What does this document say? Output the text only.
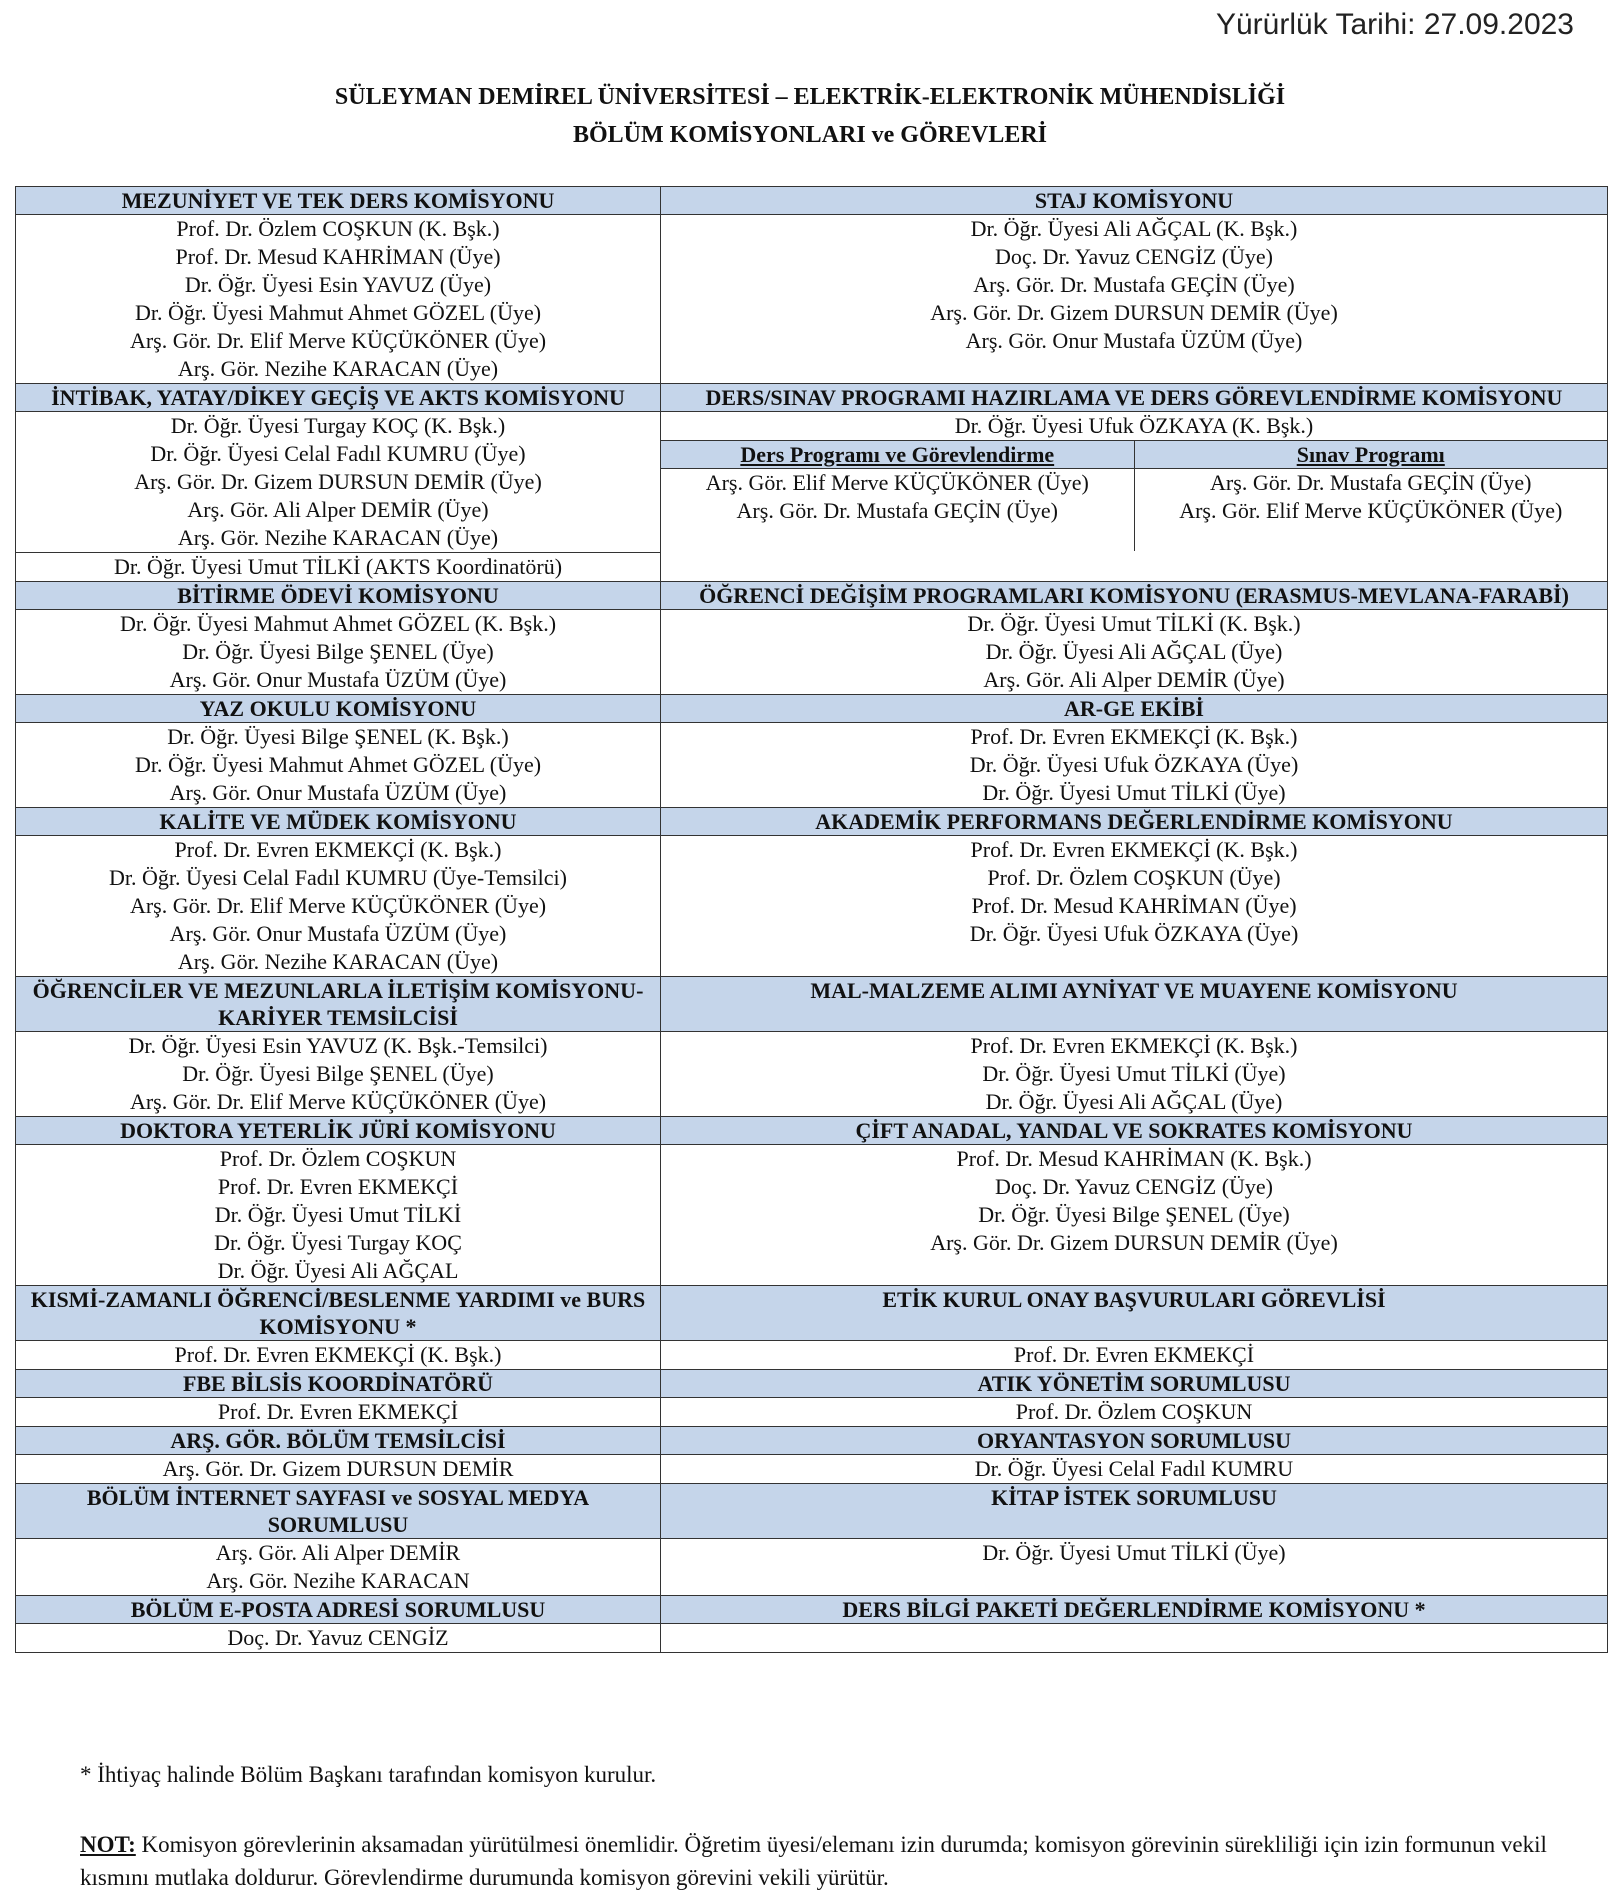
Yürürlük Tarihi: 27.09.2023
SÜLEYMAN DEMİREL ÜNİVERSİTESİ – ELEKTRİK-ELEKTRONİK MÜHENDİSLİĞİ
BÖLÜM KOMİSYONLARI ve GÖREVLERİ
MEZUNİYET VE TEK DERS KOMİSYONU	STAJ KOMİSYONU

Prof. Dr. Özlem COŞKUN (K. Bşk.)
Prof. Dr. Mesud KAHRİMAN (Üye)
Dr. Öğr. Üyesi Esin YAVUZ (Üye)
Dr. Öğr. Üyesi Mahmut Ahmet GÖZEL (Üye)
Arş. Gör. Dr. Elif Merve KÜÇÜKÖNER (Üye)
Arş. Gör. Nezihe KARACAN (Üye)

Dr. Öğr. Üyesi Ali AĞÇAL (K. Bşk.)
Doç. Dr. Yavuz CENGİZ (Üye)
Arş. Gör. Dr. Mustafa GEÇİN (Üye)
Arş. Gör. Dr. Gizem DURSUN DEMİR (Üye)
Arş. Gör. Onur Mustafa ÜZÜM (Üye)

İNTİBAK, YATAY/DİKEY GEÇİŞ VE AKTS KOMİSYONU	DERS/SINAV PROGRAMI HAZIRLAMA VE DERS GÖREVLENDİRME KOMİSYONU

Dr. Öğr. Üyesi Turgay KOÇ (K. Bşk.)
Dr. Öğr. Üyesi Celal Fadıl KUMRU (Üye)
Arş. Gör. Dr. Gizem DURSUN DEMİR (Üye)
Arş. Gör. Ali Alper DEMİR (Üye)
Arş. Gör. Nezihe KARACAN (Üye)
Dr. Öğr. Üyesi Umut TİLKİ (AKTS Koordinatörü)

Dr. Öğr. Üyesi Ufuk ÖZKAYA (K. Bşk.)
Ders Programı ve Görevlendirme	Sınav Programı

Arş. Gör. Elif Merve KÜÇÜKÖNER (Üye)
Arş. Gör. Dr. Mustafa GEÇİN (Üye)

Arş. Gör. Dr. Mustafa GEÇİN (Üye)
Arş. Gör. Elif Merve KÜÇÜKÖNER (Üye)

BİTİRME ÖDEVİ KOMİSYONU	ÖĞRENCİ DEĞİŞİM PROGRAMLARI KOMİSYONU (ERASMUS-MEVLANA-FARABİ)

Dr. Öğr. Üyesi Mahmut Ahmet GÖZEL (K. Bşk.)
Dr. Öğr. Üyesi Bilge ŞENEL (Üye)
Arş. Gör. Onur Mustafa ÜZÜM (Üye)

Dr. Öğr. Üyesi Umut TİLKİ (K. Bşk.)
Dr. Öğr. Üyesi Ali AĞÇAL (Üye)
Arş. Gör. Ali Alper DEMİR (Üye)

YAZ OKULU KOMİSYONU	AR-GE EKİBİ

Dr. Öğr. Üyesi Bilge ŞENEL (K. Bşk.)
Dr. Öğr. Üyesi Mahmut Ahmet GÖZEL (Üye)
Arş. Gör. Onur Mustafa ÜZÜM (Üye)

Prof. Dr. Evren EKMEKÇİ (K. Bşk.)
Dr. Öğr. Üyesi Ufuk ÖZKAYA (Üye)
Dr. Öğr. Üyesi Umut TİLKİ (Üye)

KALİTE VE MÜDEK KOMİSYONU	AKADEMİK PERFORMANS DEĞERLENDİRME KOMİSYONU

Prof. Dr. Evren EKMEKÇİ (K. Bşk.)
Dr. Öğr. Üyesi Celal Fadıl KUMRU (Üye-Temsilci)
Arş. Gör. Dr. Elif Merve KÜÇÜKÖNER (Üye)
Arş. Gör. Onur Mustafa ÜZÜM (Üye)
Arş. Gör. Nezihe KARACAN (Üye)

Prof. Dr. Evren EKMEKÇİ (K. Bşk.)
Prof. Dr. Özlem COŞKUN (Üye)
Prof. Dr. Mesud KAHRİMAN (Üye)
Dr. Öğr. Üyesi Ufuk ÖZKAYA (Üye)

ÖĞRENCİLER VE MEZUNLARLA İLETİŞİM KOMİSYONU-KARİYER TEMSİLCİSİ	MAL-MALZEME ALIMI AYNİYAT VE MUAYENE KOMİSYONU

Dr. Öğr. Üyesi Esin YAVUZ (K. Bşk.-Temsilci)
Dr. Öğr. Üyesi Bilge ŞENEL (Üye)
Arş. Gör. Dr. Elif Merve KÜÇÜKÖNER (Üye)

Prof. Dr. Evren EKMEKÇİ (K. Bşk.)
Dr. Öğr. Üyesi Umut TİLKİ (Üye)
Dr. Öğr. Üyesi Ali AĞÇAL (Üye)

DOKTORA YETERLİK JÜRİ KOMİSYONU	ÇİFT ANADAL, YANDAL VE SOKRATES KOMİSYONU

Prof. Dr. Özlem COŞKUN
Prof. Dr. Evren EKMEKÇİ
Dr. Öğr. Üyesi Umut TİLKİ
Dr. Öğr. Üyesi Turgay KOÇ
Dr. Öğr. Üyesi Ali AĞÇAL

Prof. Dr. Mesud KAHRİMAN (K. Bşk.)
Doç. Dr. Yavuz CENGİZ (Üye)
Dr. Öğr. Üyesi Bilge ŞENEL (Üye)
Arş. Gör. Dr. Gizem DURSUN DEMİR (Üye)

KISMİ-ZAMANLI ÖĞRENCİ/BESLENME YARDIMI ve BURS KOMİSYONU *	ETİK KURUL ONAY BAŞVURULARI GÖREVLİSİ

Prof. Dr. Evren EKMEKÇİ (K. Bşk.)	Prof. Dr. Evren EKMEKÇİ

FBE BİLSİS KOORDİNATÖRÜ	ATIK YÖNETİM SORUMLUSU

Prof. Dr. Evren EKMEKÇİ	Prof. Dr. Özlem COŞKUN

ARŞ. GÖR. BÖLÜM TEMSİLCİSİ	ORYANTASYON SORUMLUSU

Arş. Gör. Dr. Gizem DURSUN DEMİR	Dr. Öğr. Üyesi Celal Fadıl KUMRU

BÖLÜM İNTERNET SAYFASI ve SOSYAL MEDYA SORUMLUSU	KİTAP İSTEK SORUMLUSU

Arş. Gör. Ali Alper DEMİR
Arş. Gör. Nezihe KARACAN

Dr. Öğr. Üyesi Umut TİLKİ (Üye)

BÖLÜM E-POSTA ADRESİ SORUMLUSU	DERS BİLGİ PAKETİ DEĞERLENDİRME KOMİSYONU *

Doç. Dr. Yavuz CENGİZ

* İhtiyaç halinde Bölüm Başkanı tarafından komisyon kurulur.
NOT: Komisyon görevlerinin aksamadan yürütülmesi önemlidir. Öğretim üyesi/elemanı izin durumda; komisyon görevinin sürekliliği için izin formunun vekil kısmını mutlaka doldurur. Görevlendirme durumunda komisyon görevini vekili yürütür.
